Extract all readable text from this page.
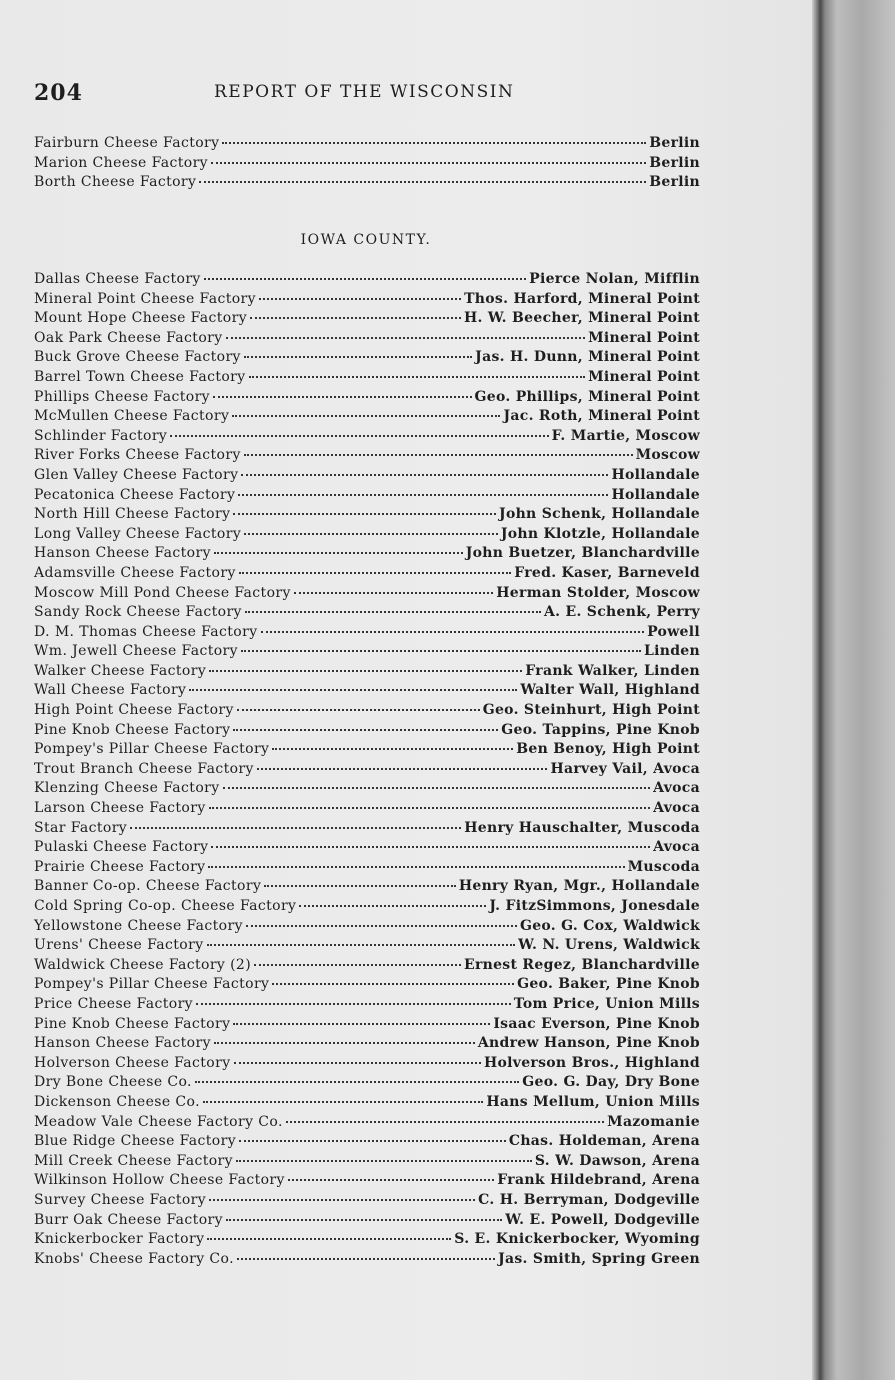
204	REPORT OF THE WISCONSIN
Fairburn Cheese Factory	Berlin
Marion Cheese Factory	Berlin
Borth Cheese Factory	Berlin
IOWA COUNTY.
Dallas Cheese Factory	Pierce Nolan, Mifflin
Mineral Point Cheese Factory	Thos. Harford, Mineral Point
Mount Hope Cheese Factory	H. W. Beecher, Mineral Point
Oak Park Cheese Factory	Mineral Point
Buck Grove Cheese Factory	Jas. H. Dunn, Mineral Point
Barrel Town Cheese Factory	Mineral Point
Phillips Cheese Factory	Geo. Phillips, Mineral Point
McMullen Cheese Factory	Jac. Roth, Mineral Point
Schlinder Factory	F. Martie, Moscow
River Forks Cheese Factory	Moscow
Glen Valley Cheese Factory	Hollandale
Pecatonica Cheese Factory	Hollandale
North Hill Cheese Factory	John Schenk, Hollandale
Long Valley Cheese Factory	John Klotzle, Hollandale
Hanson Cheese Factory	John Buetzer, Blanchardville
Adamsville Cheese Factory	Fred. Kaser, Barneveld
Moscow Mill Pond Cheese Factory	Herman Stolder, Moscow
Sandy Rock Cheese Factory	A. E. Schenk, Perry
D. M. Thomas Cheese Factory	Powell
Wm. Jewell Cheese Factory	Linden
Walker Cheese Factory	Frank Walker, Linden
Wall Cheese Factory	Walter Wall, Highland
High Point Cheese Factory	Geo. Steinhurt, High Point
Pine Knob Cheese Factory	Geo. Tappins, Pine Knob
Pompey's Pillar Cheese Factory	Ben Benoy, High Point
Trout Branch Cheese Factory	Harvey Vail, Avoca
Klenzing Cheese Factory	Avoca
Larson Cheese Factory	Avoca
Star Factory	Henry Hauschalter, Muscoda
Pulaski Cheese Factory	Avoca
Prairie Cheese Factory	Muscoda
Banner Co-op. Cheese Factory	Henry Ryan, Mgr., Hollandale
Cold Spring Co-op. Cheese Factory	J. FitzSimmons, Jonesdale
Yellowstone Cheese Factory	Geo. G. Cox, Waldwick
Urens' Cheese Factory	W. N. Urens, Waldwick
Waldwick Cheese Factory (2)	Ernest Regez, Blanchardville
Pompey's Pillar Cheese Factory	Geo. Baker, Pine Knob
Price Cheese Factory	Tom Price, Union Mills
Pine Knob Cheese Factory	Isaac Everson, Pine Knob
Hanson Cheese Factory	Andrew Hanson, Pine Knob
Holverson Cheese Factory	Holverson Bros., Highland
Dry Bone Cheese Co.	Geo. G. Day, Dry Bone
Dickenson Cheese Co.	Hans Mellum, Union Mills
Meadow Vale Cheese Factory Co.	Mazomanie
Blue Ridge Cheese Factory	Chas. Holdeman, Arena
Mill Creek Cheese Factory	S. W. Dawson, Arena
Wilkinson Hollow Cheese Factory	Frank Hildebrand, Arena
Survey Cheese Factory	C. H. Berryman, Dodgeville
Burr Oak Cheese Factory	W. E. Powell, Dodgeville
Knickerbocker Factory	S. E. Knickerbocker, Wyoming
Knobs' Cheese Factory Co.	Jas. Smith, Spring Green
